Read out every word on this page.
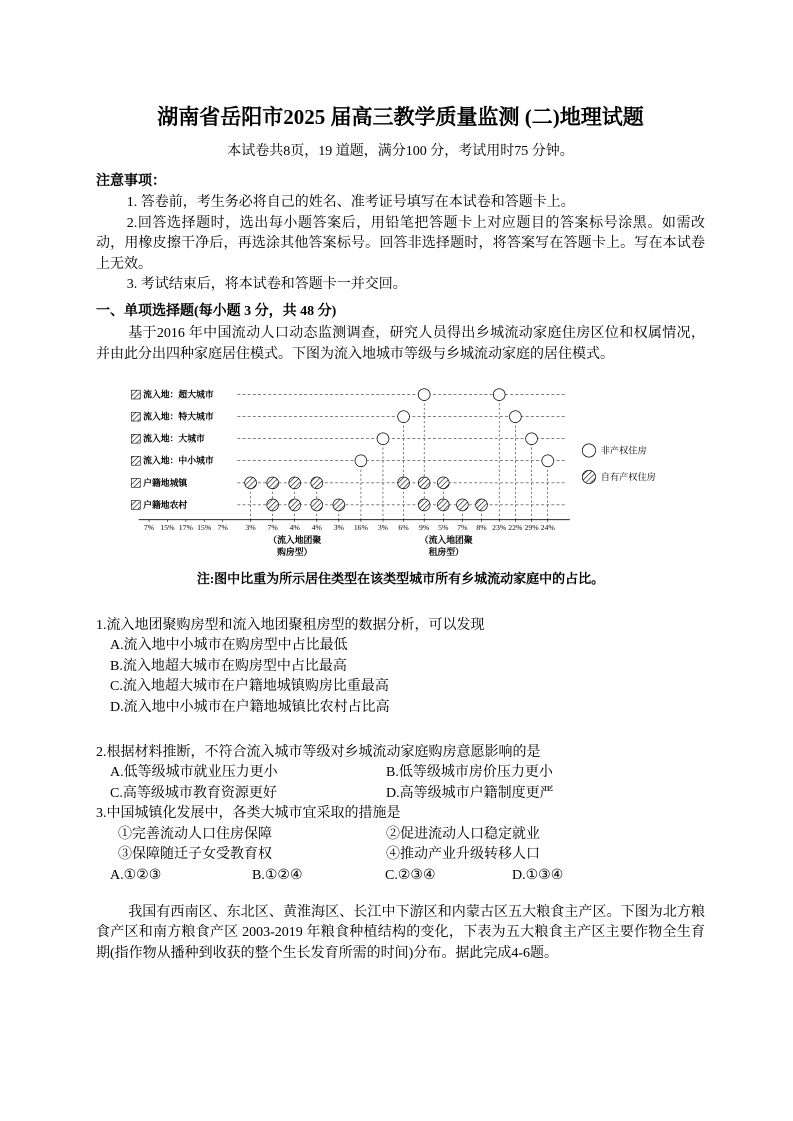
湖南省岳阳市2025 届高三教学质量监测 (二)地理试题

本试卷共8页，19 道题，满分100 分，考试用时75 分钟。

注意事项：

1. 答卷前，考生务必将自己的姓名、准考证号填写在本试卷和答题卡上。

2.回答选择题时，选出每小题答案后，用铅笔把答题卡上对应题目的答案标号涂黑。如需改动，用橡皮擦干净后，再选涂其他答案标号。回答非选择题时，将答案写在答题卡上。写在本试卷上无效。

3. 考试结束后，将本试卷和答题卡一并交回。

一、单项选择题(每小题 3 分，共 48 分)

基于2016 年中国流动人口动态监测调查，研究人员得出乡城流动家庭住房区位和权属情况，并由此分出四种家庭居住模式。下图为流入地城市等级与乡城流动家庭的居住模式。

流入地：超大城市
流入地：特大城市
流入地：大城市
流入地：中小城市
户籍地城镇
户籍地农村
7% 15% 17% 15% 7% 3% 7% 4% 4% 3% 16% 3% 6% 9% 5% 7% 8% 23% 22% 29% 24%
（流入地团聚
购房型）
（流入地团聚
租房型）
非产权住房
自有产权住房

注:图中比重为所示居住类型在该类型城市所有乡城流动家庭中的占比。

1.流入地团聚购房型和流入地团聚租房型的数据分析，可以发现

A.流入地中小城市在购房型中占比最低

B.流入地超大城市在购房型中占比最高

C.流入地超大城市在户籍地城镇购房比重最高

D.流入地中小城市在户籍地城镇比农村占比高

2.根据材料推断，不符合流入城市等级对乡城流动家庭购房意愿影响的是

A.低等级城市就业压力更小	B.低等级城市房价压力更小
C.高等级城市教育资源更好	D.高等级城市户籍制度更严

3.中国城镇化发展中，各类大城市宜采取的措施是

①完善流动人口住房保障	②促进流动人口稳定就业
③保障随迁子女受教育权	④推动产业升级转移人口
A.①②③	B.①②④	C.②③④	D.①③④

我国有西南区、东北区、黄淮海区、长江中下游区和内蒙古区五大粮食主产区。下图为北方粮食产区和南方粮食产区 2003-2019 年粮食种植结构的变化，下表为五大粮食主产区主要作物全生育期(指作物从播种到收获的整个生长发育所需的时间)分布。据此完成4-6题。
